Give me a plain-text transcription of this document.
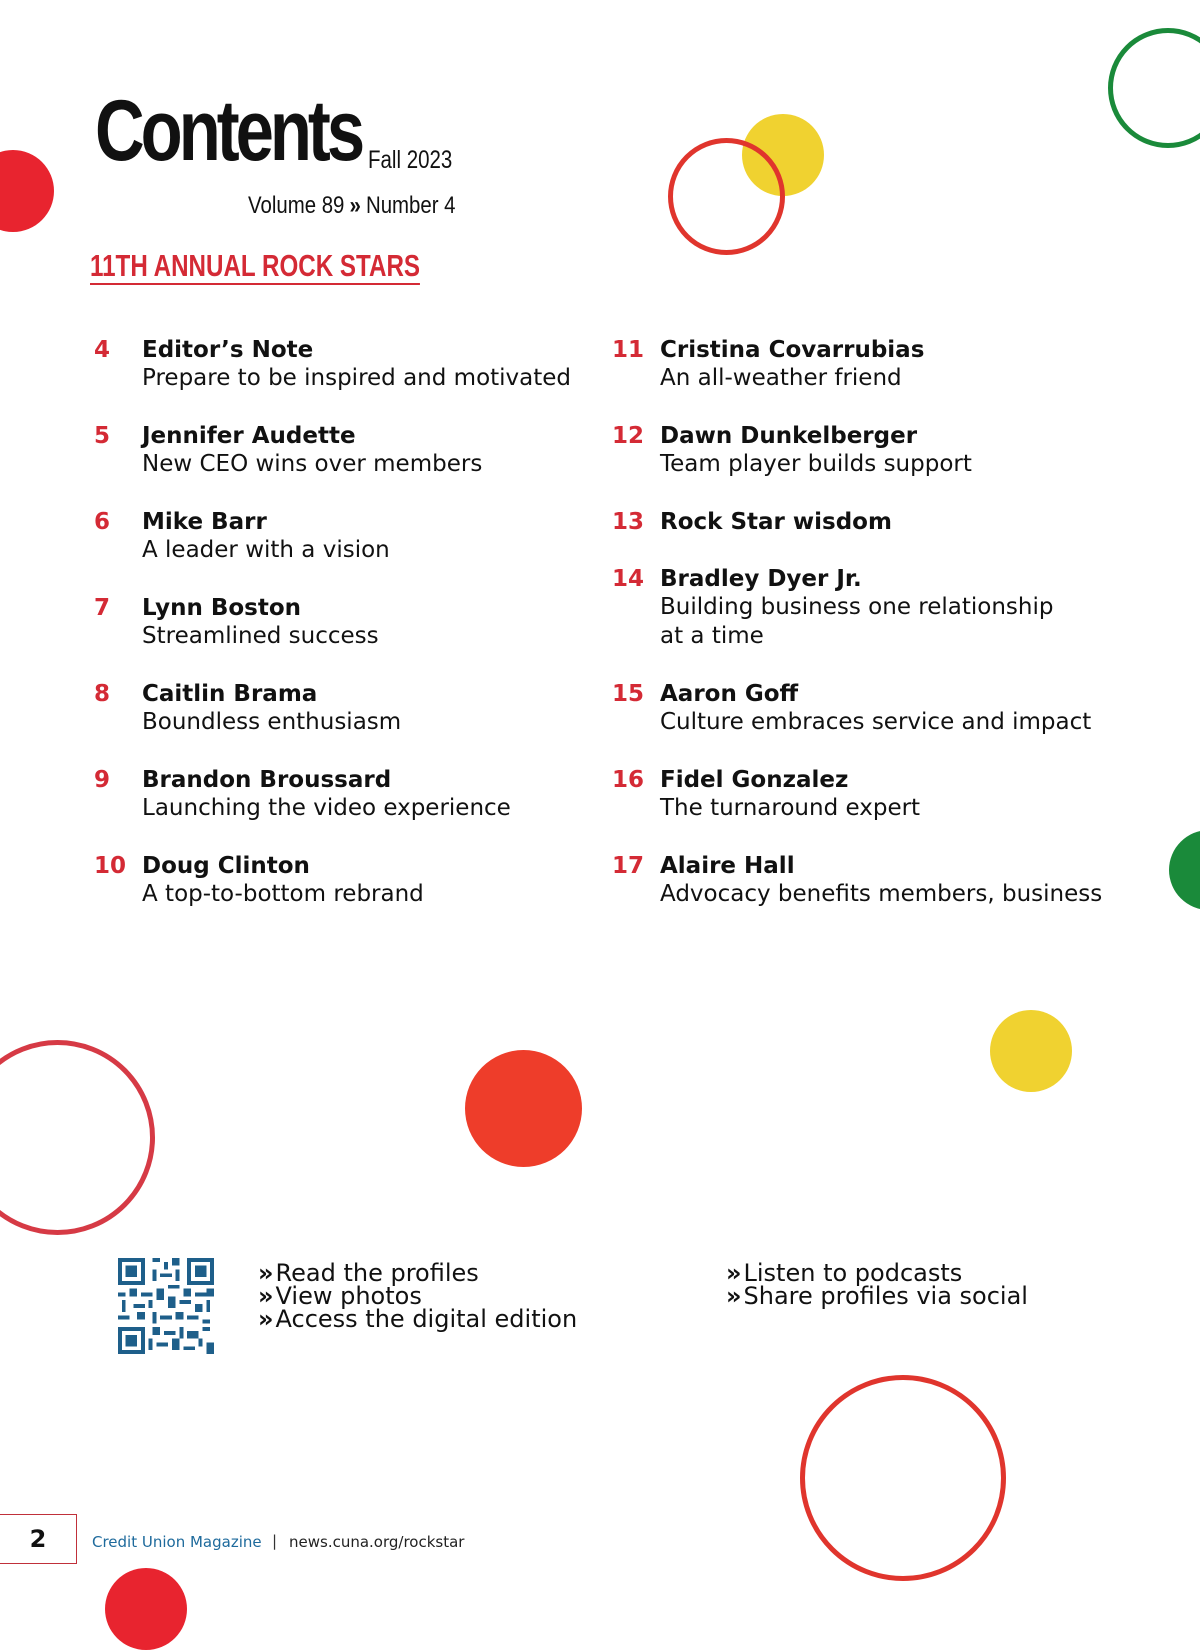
Contents Fall 2023
Volume 89 » Number 4
11TH ANNUAL ROCK STARS
4 Editor’s Note
Prepare to be inspired and motivated
5 Jennifer Audette
New CEO wins over members
6 Mike Barr
A leader with a vision
7 Lynn Boston
Streamlined success
8 Caitlin Brama
Boundless enthusiasm
9 Brandon Broussard
Launching the video experience
10 Doug Clinton
A top-to-bottom rebrand
11 Cristina Covarrubias
An all-weather friend
12 Dawn Dunkelberger
Team player builds support
13 Rock Star wisdom
14 Bradley Dyer Jr.
Building business one relationship
at a time
15 Aaron Goff
Culture embraces service and impact
16 Fidel Gonzalez
The turnaround expert
17 Alaire Hall
Advocacy benefits members, business
»Read the profiles
»View photos
»Access the digital edition
»Listen to podcasts
»Share profiles via social
2	Credit Union Magazine | news.cuna.org/rockstar
